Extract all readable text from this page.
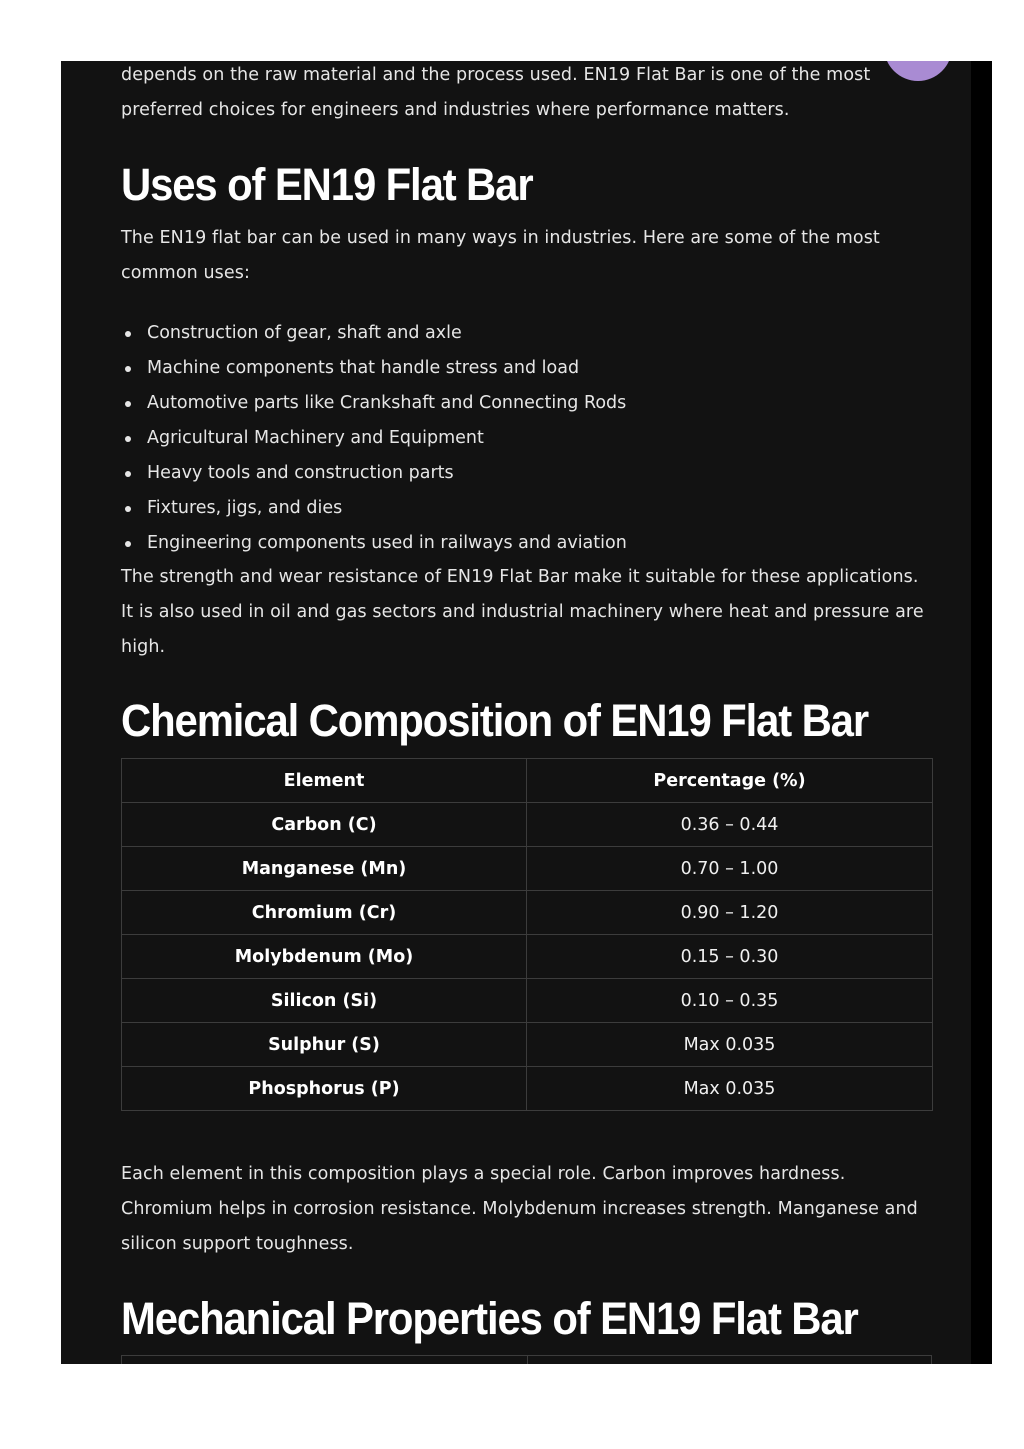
depends on the raw material and the process used. EN19 Flat Bar is one of the most preferred choices for engineers and industries where performance matters.

Uses of EN19 Flat Bar

The EN19 flat bar can be used in many ways in industries. Here are some of the most common uses:

Construction of gear, shaft and axle
Machine components that handle stress and load
Automotive parts like Crankshaft and Connecting Rods
Agricultural Machinery and Equipment
Heavy tools and construction parts
Fixtures, jigs, and dies
Engineering components used in railways and aviation

The strength and wear resistance of EN19 Flat Bar make it suitable for these applications. It is also used in oil and gas sectors and industrial machinery where heat and pressure are high.

Chemical Composition of EN19 Flat Bar
Element	Percentage (%)
Carbon (C)	0.36 – 0.44
Manganese (Mn)	0.70 – 1.00
Chromium (Cr)	0.90 – 1.20
Molybdenum (Mo)	0.15 – 0.30
Silicon (Si)	0.10 – 0.35
Sulphur (S)	Max 0.035
Phosphorus (P)	Max 0.035

Each element in this composition plays a special role. Carbon improves hardness. Chromium helps in corrosion resistance. Molybdenum increases strength. Manganese and silicon support toughness.

Mechanical Properties of EN19 Flat Bar
